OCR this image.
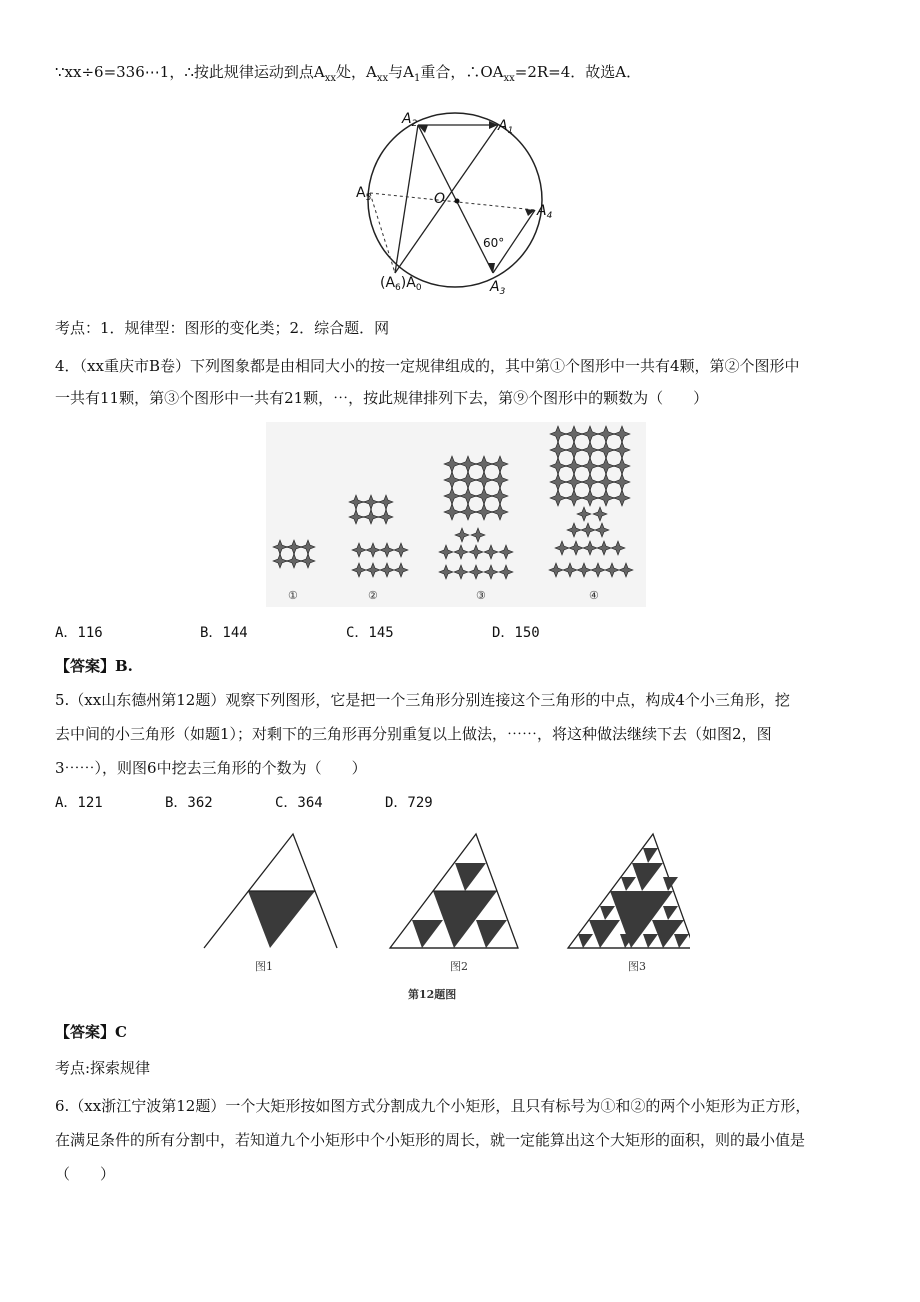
∵xx÷6=336⋯1，∴按此规律运动到点$A_{xx}$处，$A_{xx}$与$A_1$重合，$\therefore OA_{xx}=2R=4$．故选A．
$A_2$	$A_1$
$A_5$	O
$A_4$
60°
$(A_6)A_0$	$A_3$
考点：1．规律型：图形的变化类；2．综合题．网
4．（xx重庆市B卷）下列图象都是由相同大小的按一定规律组成的，其中第①个图形中一共有4颗，第②个图形中
一共有11颗，第③个图形中一共有21颗，⋯，按此规律排列下去，第⑨个图形中的颗数为（　　）
①	②	③	④
A．116	B．144	C．145	D．150
【答案】B.
5.（xx山东德州第12题）观察下列图形，它是把一个三角形分别连接这个三角形的中点，构成4个小三角形，挖
去中间的小三角形（如题1）；对剩下的三角形再分别重复以上做法，⋯⋯，将这种做法继续下去（如图2，图
3⋯⋯），则图6中挖去三角形的个数为（　　）
A．121	B．362	C．364	D．729
图1	图2	图3
第12题图
【答案】C
考点:探索规律
6.（xx浙江宁波第12题）一个大矩形按如图方式分割成九个小矩形，且只有标号为①和②的两个小矩形为正方形，
在满足条件的所有分割中，若知道九个小矩形中个小矩形的周长，就一定能算出这个大矩形的面积，则的最小值是
（　　）
